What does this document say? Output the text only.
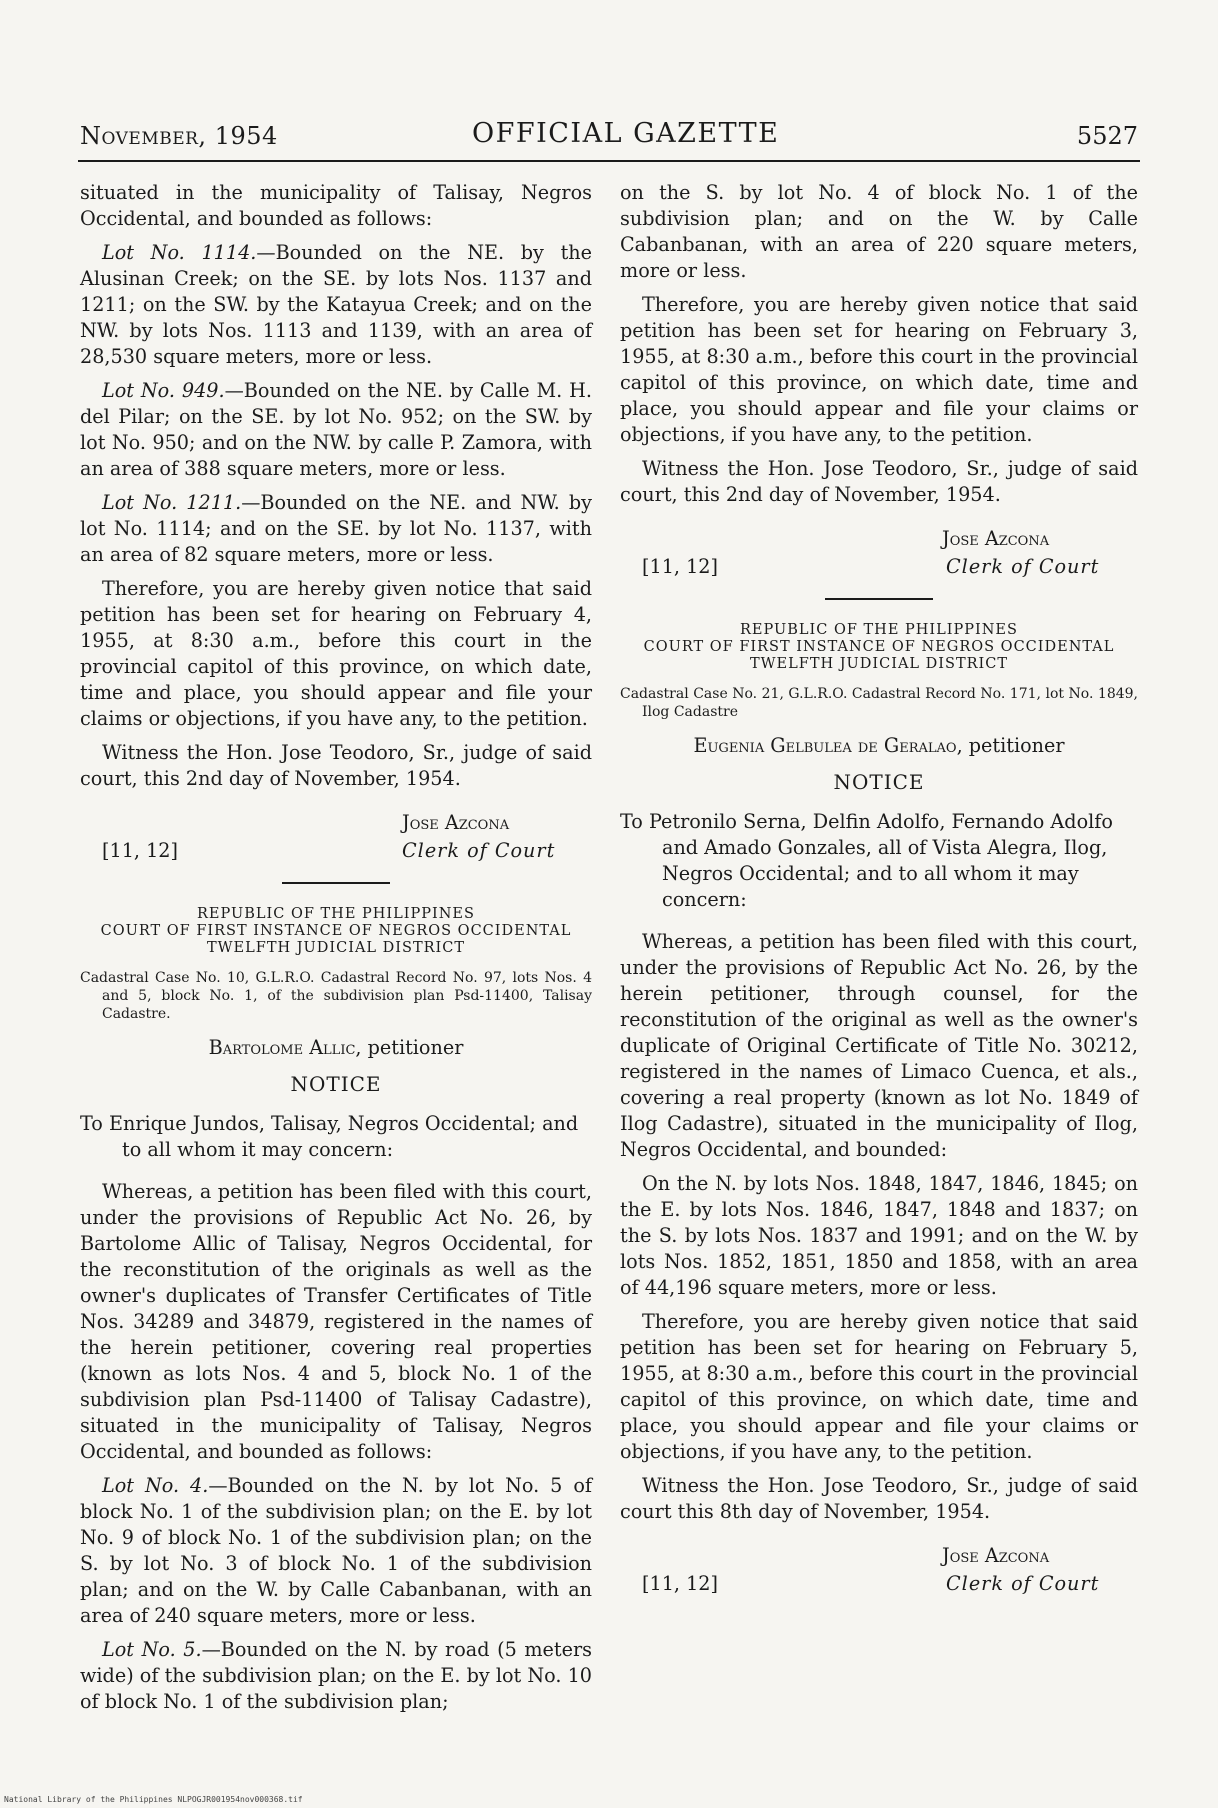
November, 1954	OFFICIAL GAZETTE	5527

situated in the municipality of Talisay, Negros Occidental, and bounded as follows:

Lot No. 1114.—Bounded on the NE. by the Alusinan Creek; on the SE. by lots Nos. 1137 and 1211; on the SW. by the Katayua Creek; and on the NW. by lots Nos. 1113 and 1139, with an area of 28,530 square meters, more or less.

Lot No. 949.—Bounded on the NE. by Calle M. H. del Pilar; on the SE. by lot No. 952; on the SW. by lot No. 950; and on the NW. by calle P. Zamora, with an area of 388 square meters, more or less.

Lot No. 1211.—Bounded on the NE. and NW. by lot No. 1114; and on the SE. by lot No. 1137, with an area of 82 square meters, more or less.

Therefore, you are hereby given notice that said petition has been set for hearing on February 4, 1955, at 8:30 a.m., before this court in the provincial capitol of this province, on which date, time and place, you should appear and file your claims or objections, if you have any, to the petition.

Witness the Hon. Jose Teodoro, Sr., judge of said court, this 2nd day of November, 1954.

[11, 12]
Jose Azcona
Clerk of Court
REPUBLIC OF THE PHILIPPINES
COURT OF FIRST INSTANCE OF NEGROS OCCIDENTAL
TWELFTH JUDICIAL DISTRICT
Cadastral Case No. 10, G.L.R.O. Cadastral Record No. 97, lots Nos. 4 and 5, block No. 1, of the subdivision plan Psd-11400, Talisay Cadastre.
Bartolome Allic, petitioner
NOTICE

To Enrique Jundos, Talisay, Negros Occidental; and to all whom it may concern:

Whereas, a petition has been filed with this court, under the provisions of Republic Act No. 26, by Bartolome Allic of Talisay, Negros Occidental, for the reconstitution of the originals as well as the owner's duplicates of Transfer Certificates of Title Nos. 34289 and 34879, registered in the names of the herein petitioner, covering real properties (known as lots Nos. 4 and 5, block No. 1 of the subdivision plan Psd-11400 of Talisay Cadastre), situated in the municipality of Talisay, Negros Occidental, and bounded as follows:

Lot No. 4.—Bounded on the N. by lot No. 5 of block No. 1 of the subdivision plan; on the E. by lot No. 9 of block No. 1 of the subdivision plan; on the S. by lot No. 3 of block No. 1 of the subdivision plan; and on the W. by Calle Cabanbanan, with an area of 240 square meters, more or less.

Lot No. 5.—Bounded on the N. by road (5 meters wide) of the subdivision plan; on the E. by lot No. 10 of block No. 1 of the subdivision plan;

on the S. by lot No. 4 of block No. 1 of the subdivision plan; and on the W. by Calle Cabanbanan, with an area of 220 square meters, more or less.

Therefore, you are hereby given notice that said petition has been set for hearing on February 3, 1955, at 8:30 a.m., before this court in the provincial capitol of this province, on which date, time and place, you should appear and file your claims or objections, if you have any, to the petition.

Witness the Hon. Jose Teodoro, Sr., judge of said court, this 2nd day of November, 1954.

[11, 12]
Jose Azcona
Clerk of Court
REPUBLIC OF THE PHILIPPINES
COURT OF FIRST INSTANCE OF NEGROS OCCIDENTAL
TWELFTH JUDICIAL DISTRICT
Cadastral Case No. 21, G.L.R.O. Cadastral Record No. 171, lot No. 1849, Ilog Cadastre
Eugenia Gelbulea de Geralao, petitioner
NOTICE

To Petronilo Serna, Delfin Adolfo, Fernando Adolfo and Amado Gonzales, all of Vista Alegra, Ilog, Negros Occidental; and to all whom it may concern:

Whereas, a petition has been filed with this court, under the provisions of Republic Act No. 26, by the herein petitioner, through counsel, for the reconstitution of the original as well as the owner's duplicate of Original Certificate of Title No. 30212, registered in the names of Limaco Cuenca, et als., covering a real property (known as lot No. 1849 of Ilog Cadastre), situated in the municipality of Ilog, Negros Occidental, and bounded:

On the N. by lots Nos. 1848, 1847, 1846, 1845; on the E. by lots Nos. 1846, 1847, 1848 and 1837; on the S. by lots Nos. 1837 and 1991; and on the W. by lots Nos. 1852, 1851, 1850 and 1858, with an area of 44,196 square meters, more or less.

Therefore, you are hereby given notice that said petition has been set for hearing on February 5, 1955, at 8:30 a.m., before this court in the provincial capitol of this province, on which date, time and place, you should appear and file your claims or objections, if you have any, to the petition.

Witness the Hon. Jose Teodoro, Sr., judge of said court this 8th day of November, 1954.

[11, 12]
Jose Azcona
Clerk of Court
National Library of the Philippines NLPOGJR001954nov000368.tif
